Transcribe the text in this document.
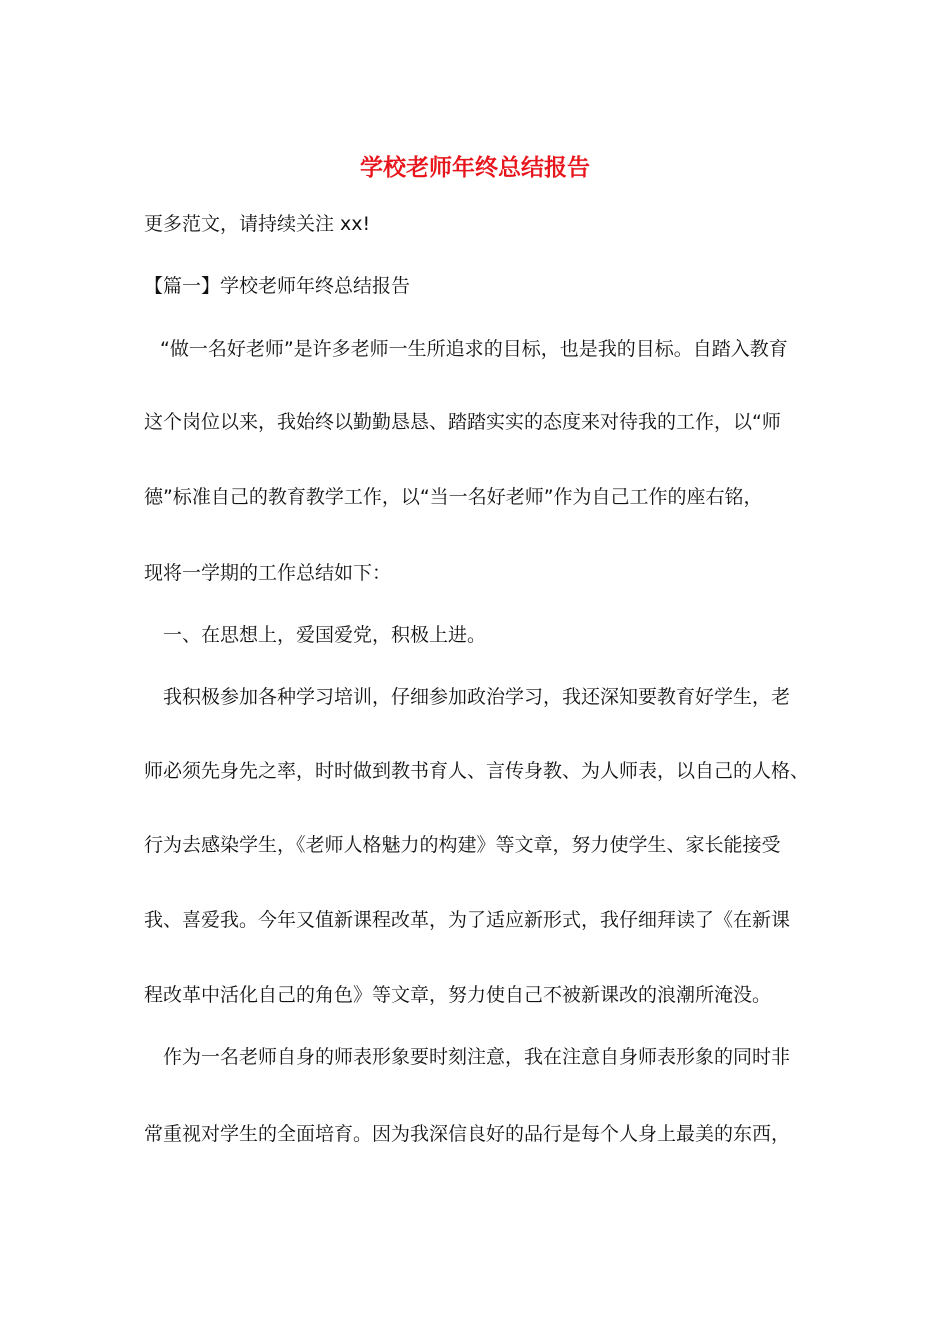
学校老师年终总结报告

更多范文，请持续关注 xx!

【篇一】学校老师年终总结报告

“做一名好老师”是许多老师一生所追求的目标，也是我的目标。自踏入教育

这个岗位以来，我始终以勤勤恳恳、踏踏实实的态度来对待我的工作，以“师

德”标准自己的教育教学工作，以“当一名好老师”作为自己工作的座右铭，

现将一学期的工作总结如下：

一、在思想上，爱国爱党，积极上进。

我积极参加各种学习培训，仔细参加政治学习，我还深知要教育好学生，老

师必须先身先之率，时时做到教书育人、言传身教、为人师表，以自己的人格、

行为去感染学生，《老师人格魅力的构建》等文章，努力使学生、家长能接受

我、喜爱我。今年又值新课程改革，为了适应新形式，我仔细拜读了《在新课

程改革中活化自己的角色》等文章，努力使自己不被新课改的浪潮所淹没。

作为一名老师自身的师表形象要时刻注意，我在注意自身师表形象的同时非

常重视对学生的全面培育。因为我深信良好的品行是每个人身上最美的东西，
